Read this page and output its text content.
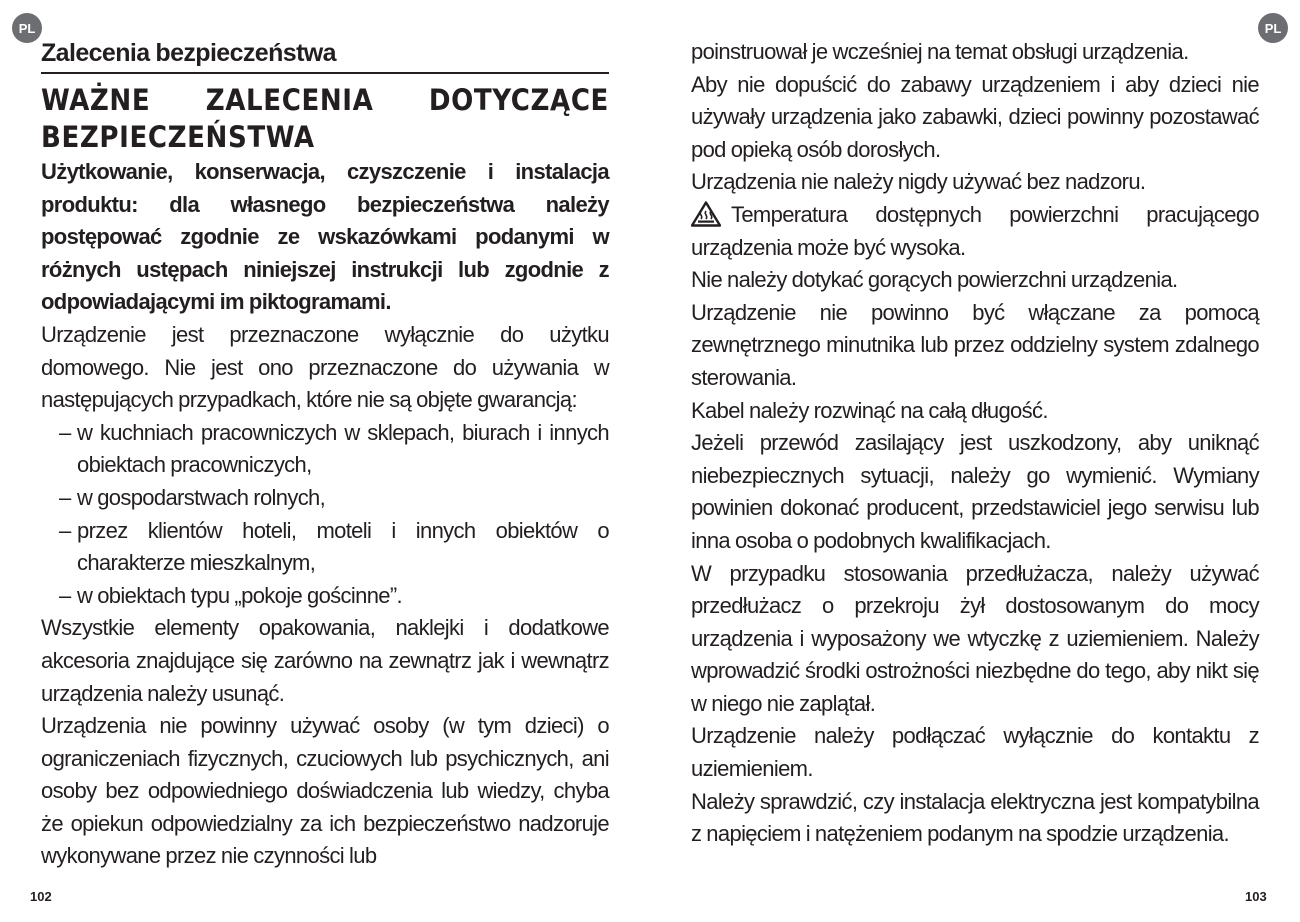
PL	PL
Zalecenia bezpieczeństwa
WAŻNE ZALECENIA DOTYCZĄCE BEZPIECZEŃSTWA

Użytkowanie, konserwacja, czyszczenie i instalacja produktu: dla własnego bezpieczeństwa należy postępować zgodnie ze wskazówkami podanymi w różnych ustępach niniejszej instrukcji lub zgodnie z odpowiadającymi im piktogramami.

Urządzenie jest przeznaczone wyłącznie do użytku domowego. Nie jest ono przeznaczone do używania w następujących przypadkach, które nie są objęte gwarancją:

– w kuchniach pracowniczych w sklepach, biurach i innych obiektach pracowniczych,
– w gospodarstwach rolnych,
– przez klientów hoteli, moteli i innych obiektów o charakterze mieszkalnym,
– w obiektach typu „pokoje gościnne”.

Wszystkie elementy opakowania, naklejki i dodatkowe akcesoria znajdujące się zarówno na zewnątrz jak i wewnątrz urządzenia należy usunąć.

Urządzenia nie powinny używać osoby (w tym dzieci) o ograniczeniach fizycznych, czuciowych lub psychicznych, ani osoby bez odpowiedniego doświadczenia lub wiedzy, chyba że opiekun odpowiedzialny za ich bezpieczeństwo nadzoruje wykonywane przez nie czynności lub

poinstruował je wcześniej na temat obsługi urządzenia.

Aby nie dopuścić do zabawy urządzeniem i aby dzieci nie używały urządzenia jako zabawki, dzieci powinny pozostawać pod opieką osób dorosłych.

Urządzenia nie należy nigdy używać bez nadzoru.

Temperatura dostępnych powierzchni pracującego urządzenia może być wysoka.

Nie należy dotykać gorących powierzchni urządzenia.

Urządzenie nie powinno być włączane za pomocą zewnętrznego minutnika lub przez oddzielny system zdalnego sterowania.

Kabel należy rozwinąć na całą długość.

Jeżeli przewód zasilający jest uszkodzony, aby uniknąć niebezpiecznych sytuacji, należy go wymienić. Wymiany powinien dokonać producent, przedstawiciel jego serwisu lub inna osoba o podobnych kwalifikacjach.

W przypadku stosowania przedłużacza, należy używać przedłużacz o przekroju żył dostosowanym do mocy urządzenia i wyposażony we wtyczkę z uziemieniem. Należy wprowadzić środki ostrożności niezbędne do tego, aby nikt się w niego nie zaplątał.

Urządzenie należy podłączać wyłącznie do kontaktu z uziemieniem.

Należy sprawdzić, czy instalacja elektryczna jest kompatybilna z napięciem i natężeniem podanym na spodzie urządzenia.

102	103
